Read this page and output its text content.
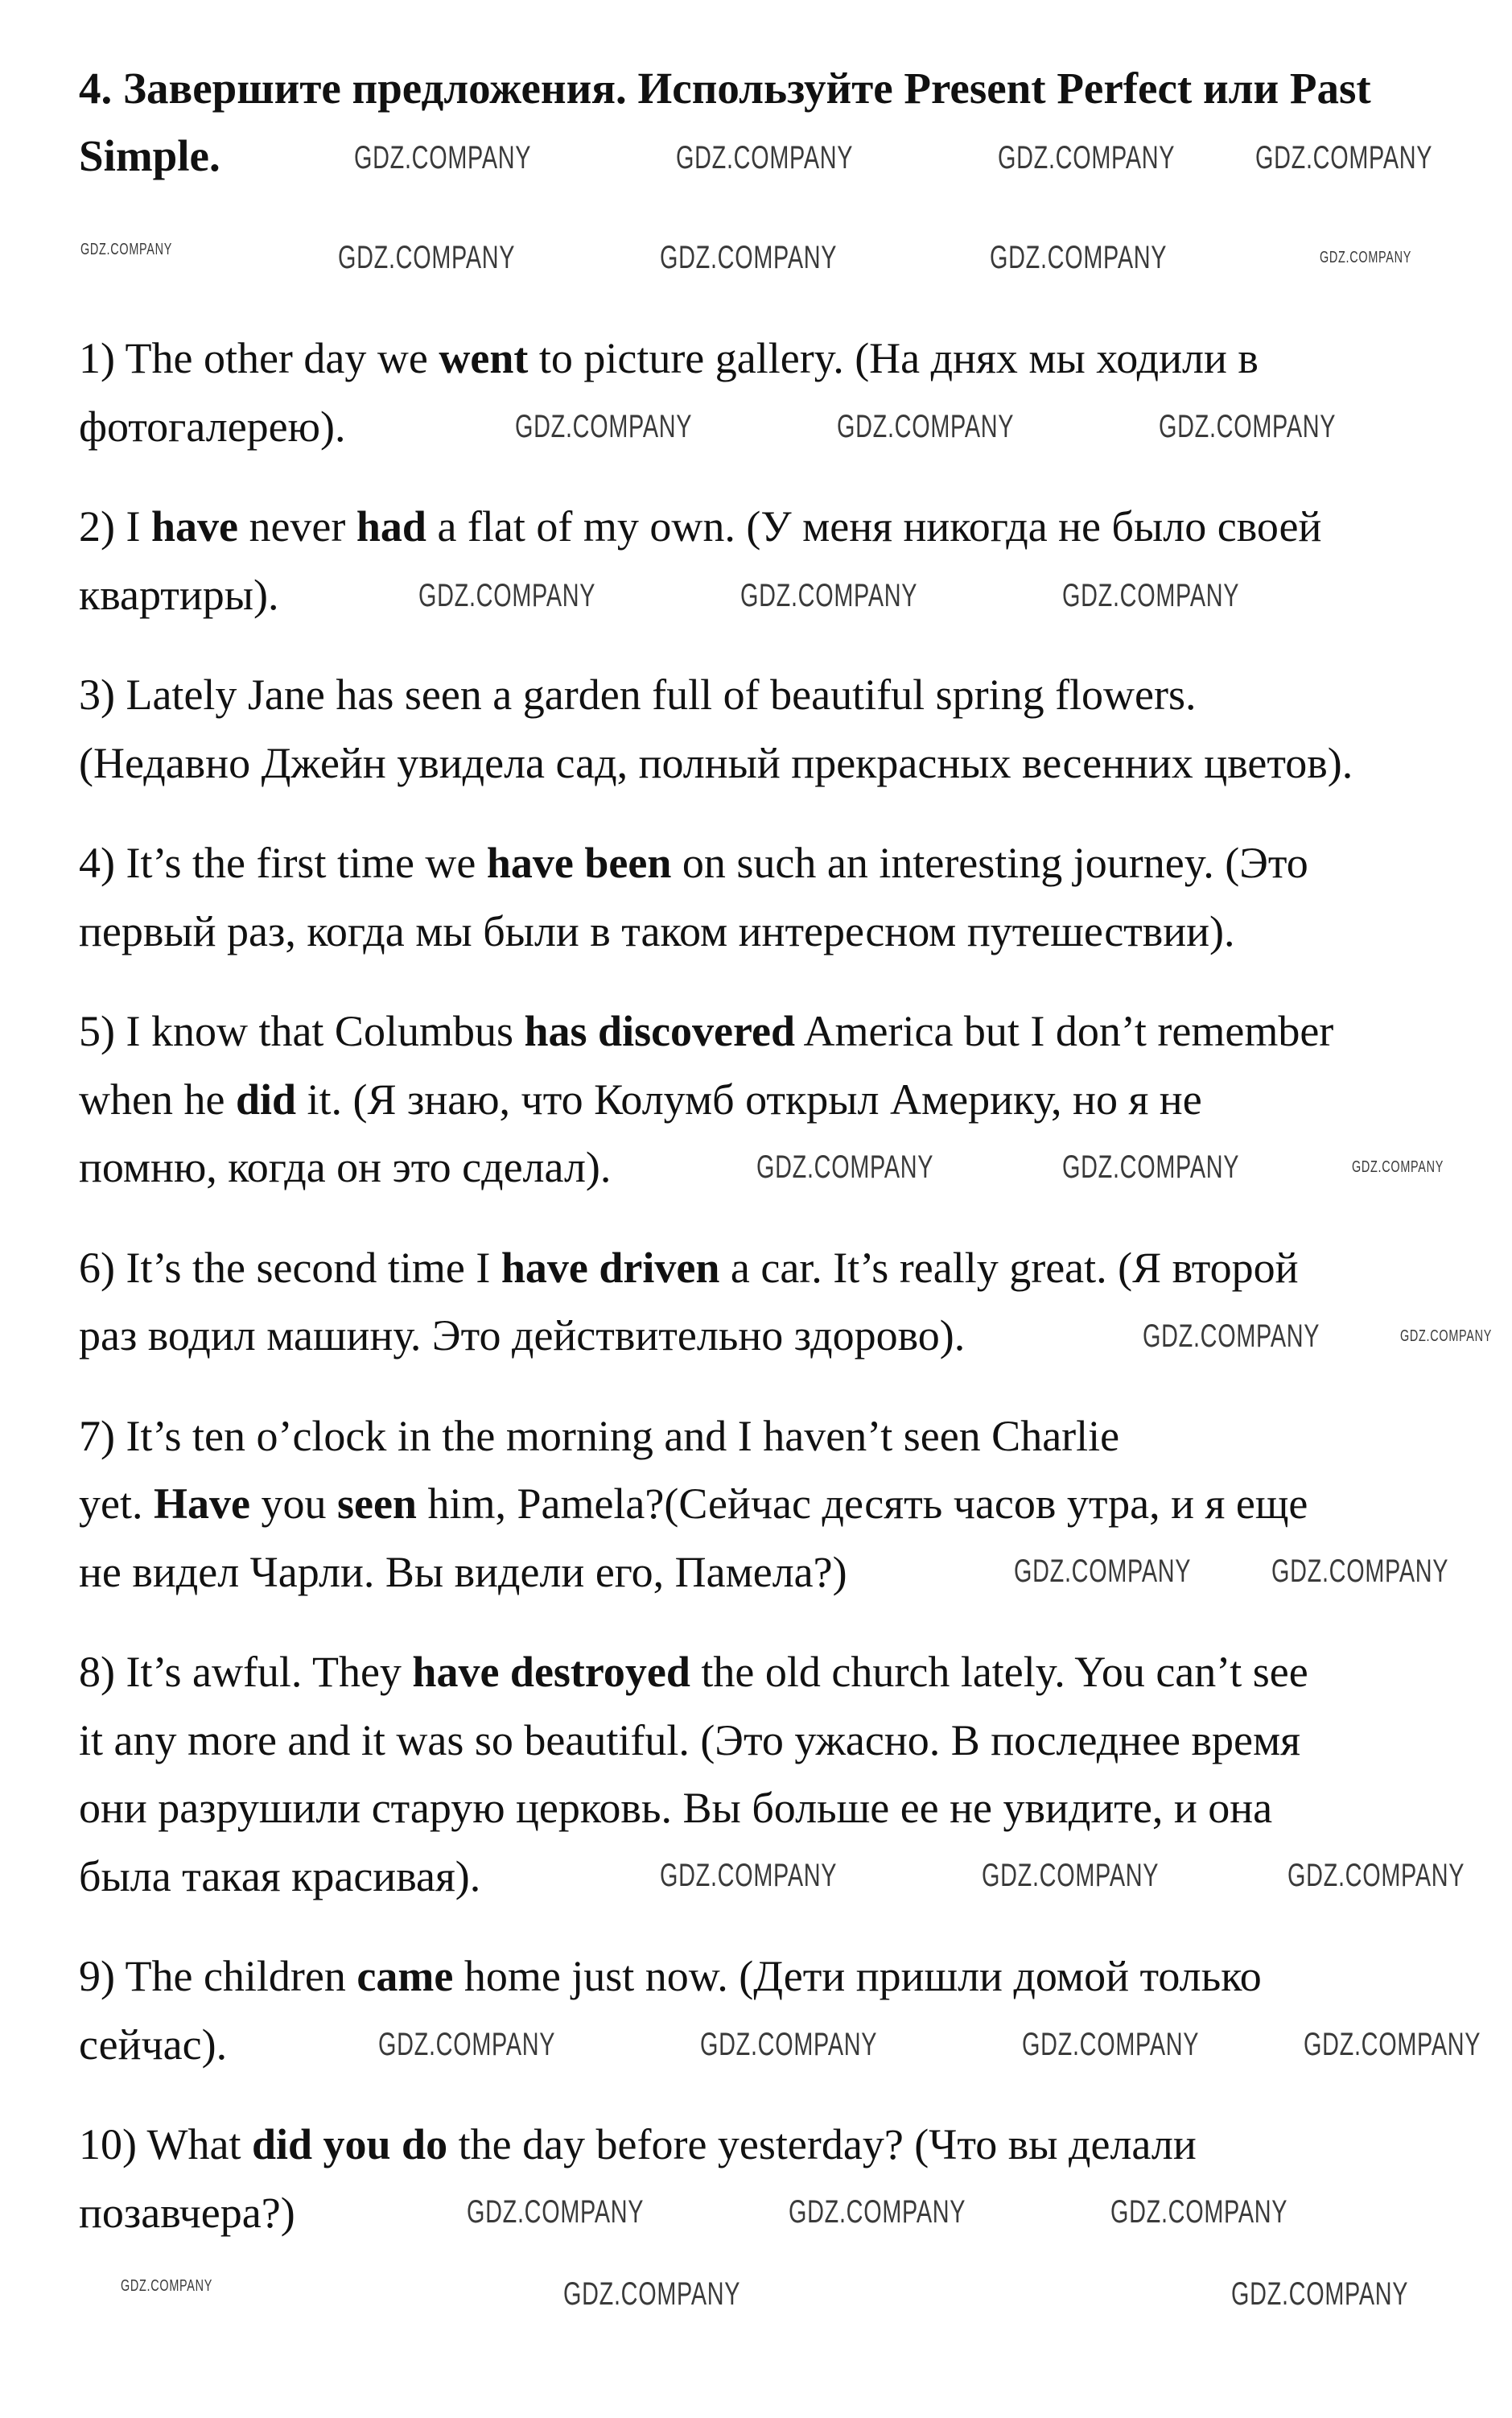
4. Завершите предложения. Используйте Present Perfect или Past
Simple.
1) The other day we went to picture gallery. (На днях мы ходили в
фотогалерею).
2) I have never had a flat of my own. (У меня никогда не было своей
квартиры).
3) Lately Jane has seen a garden full of beautiful spring flowers.
(Недавно Джейн увидела сад, полный прекрасных весенних цветов).
4) It’s the first time we have been on such an interesting journey. (Это
первый раз, когда мы были в таком интересном путешествии).
5) I know that Columbus has discovered America but I don’t remember
when he did it. (Я знаю, что Колумб открыл Америку, но я не
помню, когда он это сделал).
6) It’s the second time I have driven a car. It’s really great. (Я второй
раз водил машину. Это действительно здорово).
7) It’s ten o’clock in the morning and I haven’t seen Charlie
yet. Have you seen him, Pamela?(Сейчас десять часов утра, и я еще
не видел Чарли. Вы видели его, Памела?)
8) It’s awful. They have destroyed the old church lately. You can’t see
it any more and it was so beautiful. (Это ужасно. В последнее время
они разрушили старую церковь. Вы больше ее не увидите, и она
была такая красивая).
9) The children came home just now. (Дети пришли домой только
сейчас).
10) What did you do the day before yesterday? (Что вы делали
позавчера?)
GDZ.COMPANY	GDZ.COMPANY	GDZ.COMPANY GDZ.COMPANY
GDZ.COMPANY	GDZ.COMPANY	GDZ.COMPANY	GDZ.COMPANY	GDZ.COMPANY
GDZ.COMPANY	GDZ.COMPANY	GDZ.COMPANY
GDZ.COMPANY	GDZ.COMPANY	GDZ.COMPANY
GDZ.COMPANY	GDZ.COMPANY	GDZ.COMPANY
GDZ.COMPANY	GDZ.COMPANY
GDZ.COMPANY GDZ.COMPANY
GDZ.COMPANY	GDZ.COMPANY	GDZ.COMPANY
GDZ.COMPANY	GDZ.COMPANY	GDZ.COMPANY	GDZ.COMPANY
GDZ.COMPANY	GDZ.COMPANY	GDZ.COMPANY
GDZ.COMPANY	GDZ.COMPANY	GDZ.COMPANY
